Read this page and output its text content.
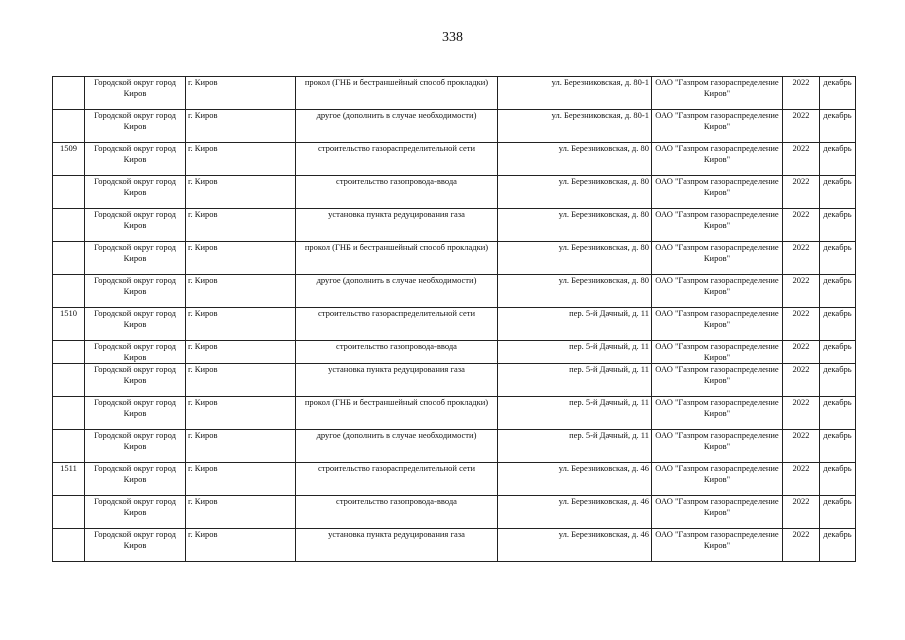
338
	Городской округ город Киров	г. Киров	прокол (ГНБ и бестраншейный способ прокладки)	ул. Березниковская, д. 80-1	ОАО "Газпром газораспределение Киров"	2022	декабрь
	Городской округ город Киров	г. Киров	другое (дополнить в случае необходимости)	ул. Березниковская, д. 80-1	ОАО "Газпром газораспределение Киров"	2022	декабрь
1509	Городской округ город Киров	г. Киров	строительство газораспределительной сети	ул. Березниковская, д. 80	ОАО "Газпром газораспределение Киров"	2022	декабрь
	Городской округ город Киров	г. Киров	строительство газопровода-ввода	ул. Березниковская, д. 80	ОАО "Газпром газораспределение Киров"	2022	декабрь
	Городской округ город Киров	г. Киров	установка пункта редуцирования газа	ул. Березниковская, д. 80	ОАО "Газпром газораспределение Киров"	2022	декабрь
	Городской округ город Киров	г. Киров	прокол (ГНБ и бестраншейный способ прокладки)	ул. Березниковская, д. 80	ОАО "Газпром газораспределение Киров"	2022	декабрь
	Городской округ город Киров	г. Киров	другое (дополнить в случае необходимости)	ул. Березниковская, д. 80	ОАО "Газпром газораспределение Киров"	2022	декабрь
1510	Городской округ город Киров	г. Киров	строительство газораспределительной сети	пер. 5-й Дачный, д. 11	ОАО "Газпром газораспределение Киров"	2022	декабрь
	Городской округ город Киров	г. Киров	строительство газопровода-ввода	пер. 5-й Дачный, д. 11	ОАО "Газпром газораспределение Киров"	2022	декабрь
	Городской округ город Киров	г. Киров	установка пункта редуцирования газа	пер. 5-й Дачный, д. 11	ОАО "Газпром газораспределение Киров"	2022	декабрь
	Городской округ город Киров	г. Киров	прокол (ГНБ и бестраншейный способ прокладки)	пер. 5-й Дачный, д. 11	ОАО "Газпром газораспределение Киров"	2022	декабрь
	Городской округ город Киров	г. Киров	другое (дополнить в случае необходимости)	пер. 5-й Дачный, д. 11	ОАО "Газпром газораспределение Киров"	2022	декабрь
1511	Городской округ город Киров	г. Киров	строительство газораспределительной сети	ул. Березниковская, д. 46	ОАО "Газпром газораспределение Киров"	2022	декабрь
	Городской округ город Киров	г. Киров	строительство газопровода-ввода	ул. Березниковская, д. 46	ОАО "Газпром газораспределение Киров"	2022	декабрь
	Городской округ город Киров	г. Киров	установка пункта редуцирования газа	ул. Березниковская, д. 46	ОАО "Газпром газораспределение Киров"	2022	декабрь
